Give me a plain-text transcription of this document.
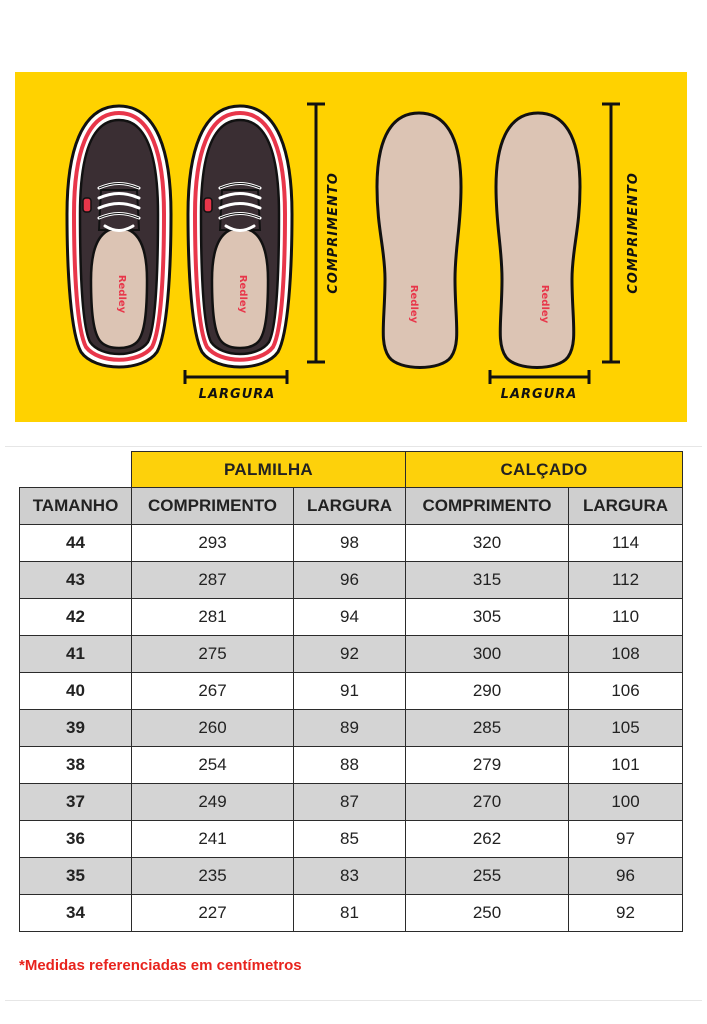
Redley
Redley	Redley
COMPRIMENTO
LARGURA
COMPRIMENTO
LARGURA
	PALMILHA		CALÇADO	
TAMANHO	COMPRIMENTO	LARGURA	COMPRIMENTO	LARGURA
44	293	98	320	114
43	287	96	315	112
42	281	94	305	110
41	275	92	300	108
40	267	91	290	106
39	260	89	285	105
38	254	88	279	101
37	249	87	270	100
36	241	85	262	97
35	235	83	255	96
34	227	81	250	92
*Medidas referenciadas em centímetros
